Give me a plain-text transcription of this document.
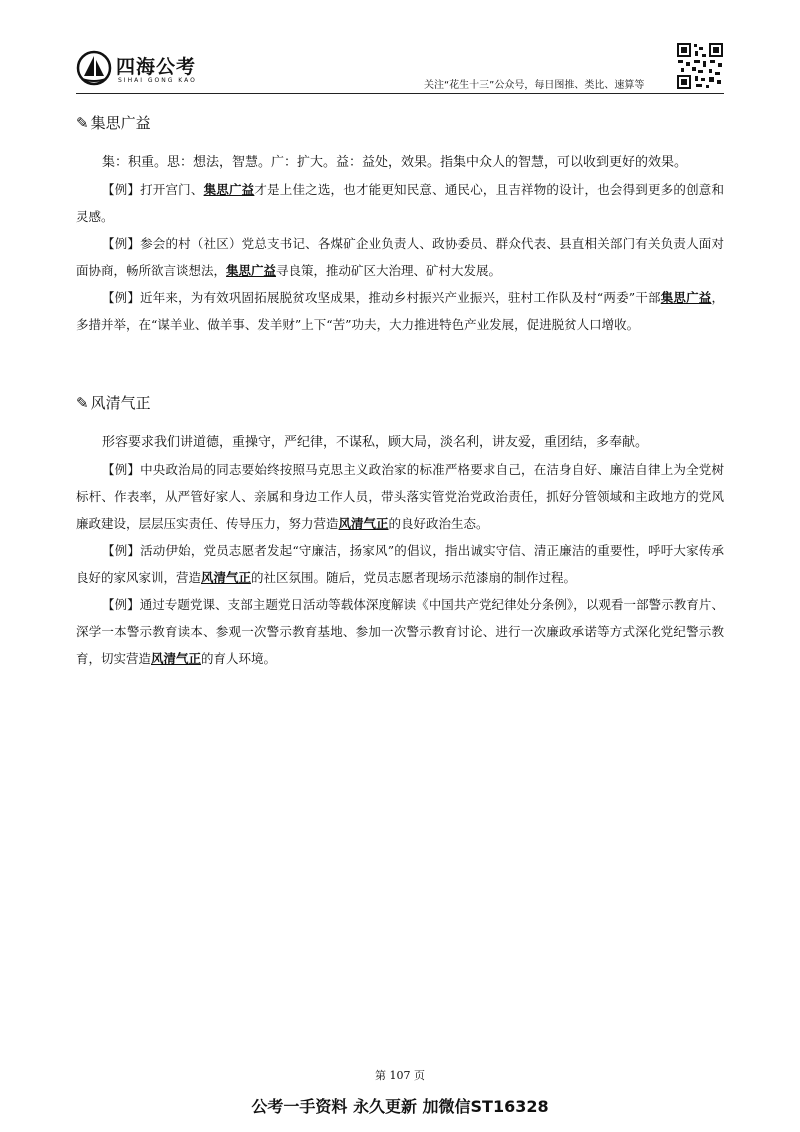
四海公考
SIHAI GONG KAO	关注“花生十三”公众号，每日图推、类比、速算等
✎ 集思广益

集：积重。思：想法，智慧。广：扩大。益：益处，效果。指集中众人的智慧，可以收到更好的效果。

【例】打开宫门、集思广益才是上佳之选，也才能更知民意、通民心，且吉祥物的设计，也会得到更多的创意和灵感。

【例】参会的村（社区）党总支书记、各煤矿企业负责人、政协委员、群众代表、县直相关部门有关负责人面对面协商，畅所欲言谈想法，集思广益寻良策，推动矿区大治理、矿村大发展。

【例】近年来，为有效巩固拓展脱贫攻坚成果，推动乡村振兴产业振兴，驻村工作队及村“两委”干部集思广益，多措并举，在“谋羊业、做羊事、发羊财”上下“苦”功夫，大力推进特色产业发展，促进脱贫人口增收。

✎ 风清气正

形容要求我们讲道德，重操守，严纪律，不谋私，顾大局，淡名利，讲友爱，重团结，多奉献。

【例】中央政治局的同志要始终按照马克思主义政治家的标准严格要求自己，在洁身自好、廉洁自律上为全党树标杆、作表率，从严管好家人、亲属和身边工作人员，带头落实管党治党政治责任，抓好分管领域和主政地方的党风廉政建设，层层压实责任、传导压力，努力营造风清气正的良好政治生态。

【例】活动伊始，党员志愿者发起“守廉洁，扬家风”的倡议，指出诚实守信、清正廉洁的重要性，呼吁大家传承良好的家风家训，营造风清气正的社区氛围。随后，党员志愿者现场示范漆扇的制作过程。

【例】通过专题党课、支部主题党日活动等载体深度解读《中国共产党纪律处分条例》，以观看一部警示教育片、深学一本警示教育读本、参观一次警示教育基地、参加一次警示教育讨论、进行一次廉政承诺等方式深化党纪警示教育，切实营造风清气正的育人环境。

第 107 页
公考一手资料 永久更新 加微信ST16328
